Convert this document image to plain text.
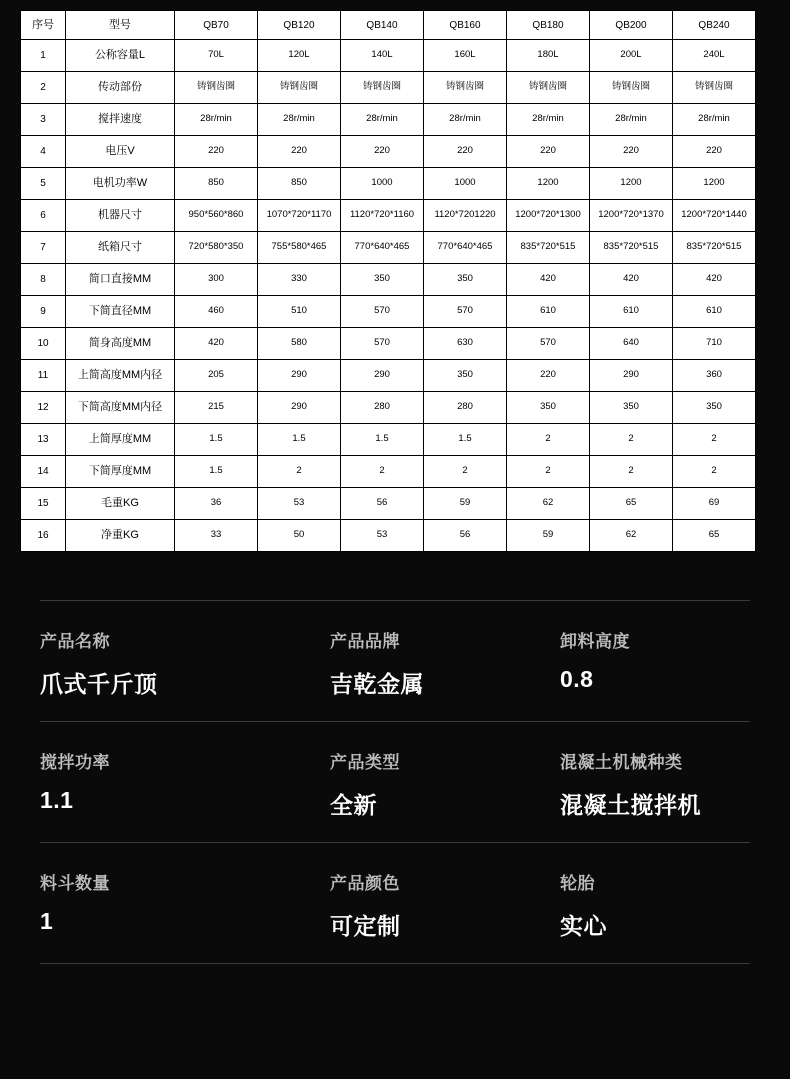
序号	型号	QB70	QB120	QB140	QB160	QB180	QB200	QB240
1	公称容量L	70L	120L	140L	160L	180L	200L	240L
2	传动部份	铸钢齿圈	铸钢齿圈	铸钢齿圈	铸钢齿圈	铸钢齿圈	铸钢齿圈	铸钢齿圈
3	搅拌速度	28r/min	28r/min	28r/min	28r/min	28r/min	28r/min	28r/min
4	电压V	220	220	220	220	220	220	220
5	电机功率W	850	850	1000	1000	1200	1200	1200
6	机器尺寸	950*560*860	1070*720*1170	1120*720*1160	1120*7201220	1200*720*1300	1200*720*1370	1200*720*1440
7	纸箱尺寸	720*580*350	755*580*465	770*640*465	770*640*465	835*720*515	835*720*515	835*720*515
8	简口直接MM	300	330	350	350	420	420	420
9	下简直径MM	460	510	570	570	610	610	610
10	简身高度MM	420	580	570	630	570	640	710
11	上简高度MM内径	205	290	290	350	220	290	360
12	下简高度MM内径	215	290	280	280	350	350	350
13	上简厚度MM	1.5	1.5	1.5	1.5	2	2	2
14	下简厚度MM	1.5	2	2	2	2	2	2
15	毛重KG	36	53	56	59	62	65	69
16	净重KG	33	50	53	56	59	62	65
产品名称
爪式千斤顶
产品品牌
吉乾金属
卸料高度
0.8
搅拌功率
1.1
产品类型
全新
混凝土机械种类
混凝土搅拌机
料斗数量
1
产品颜色
可定制
轮胎
实心
